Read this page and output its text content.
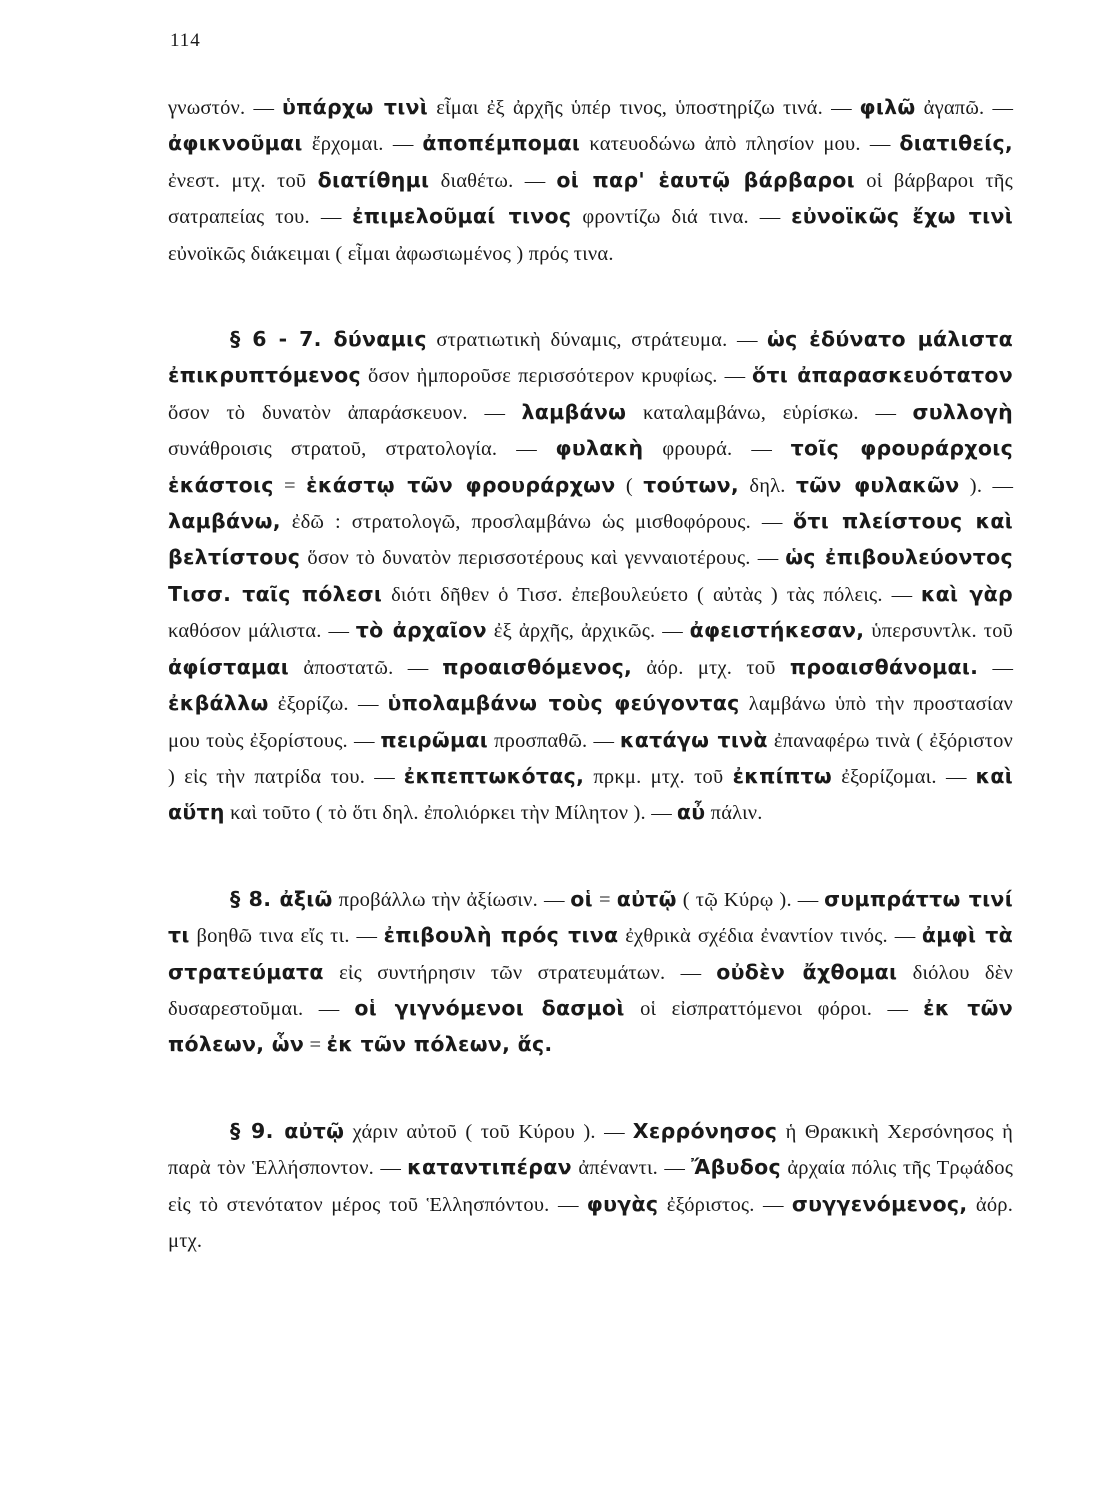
114

γνωστόν. — ὑπάρχω τινὶ εἶμαι ἐξ ἀρχῆς ὑπέρ τινος, ὑποστηρίζω τινά. — φιλῶ ἀγαπῶ. — ἀφικνοῦμαι ἔρχομαι. — ἀποπέμπομαι κατευοδώνω ἀπὸ πλησίον μου. — διατιθείς, ἐνεστ. μτχ. τοῦ διατίθημι διαθέτω. — οἱ παρ' ἑαυτῷ βάρβαροι οἱ βάρβαροι τῆς σατραπείας του. — ἐπιμελοῦμαί τινος φροντίζω διά τινα. — εὐνοϊκῶς ἔχω τινὶ εὐνοϊκῶς διάκειμαι ( εἶμαι ἀφωσιωμένος ) πρός τινα.

§ 6 - 7. δύναμις στρατιωτικὴ δύναμις, στράτευμα. — ὡς ἐδύνατο μάλιστα ἐπικρυπτόμενος ὅσον ἠμποροῦσε περισσότερον κρυφίως. — ὅτι ἀπαρασκευότατον ὅσον τὸ δυνατὸν ἀπαράσκευον. — λαμβάνω καταλαμβάνω, εὑρίσκω. — συλλογὴ συνάθροισις στρατοῦ, στρατολογία. — φυλακὴ φρουρά. — τοῖς φρουράρχοις ἑκάστοις = ἑκάστῳ τῶν φρουράρχων ( τούτων, δηλ. τῶν φυλακῶν ). — λαμβάνω, ἐδῶ : στρατολογῶ, προσλαμβάνω ὡς μισθοφόρους. — ὅτι πλείστους καὶ βελτίστους ὅσον τὸ δυνατὸν περισσοτέρους καὶ γενναιοτέρους. — ὡς ἐπιβουλεύοντος Τισσ. ταῖς πόλεσι διότι δῆθεν ὁ Τισσ. ἐπεβουλεύετο ( αὐτὰς ) τὰς πόλεις. — καὶ γὰρ καθόσον μάλιστα. — τὸ ἀρχαῖον ἐξ ἀρχῆς, ἀρχικῶς. — ἀφειστήκεσαν, ὑπερσυντλκ. τοῦ ἀφίσταμαι ἀποστατῶ. — προαισθόμενος, ἀόρ. μτχ. τοῦ προαισθάνομαι. — ἐκβάλλω ἐξορίζω. — ὑπολαμβάνω τοὺς φεύγοντας λαμβάνω ὑπὸ τὴν προστασίαν μου τοὺς ἐξορίστους. — πειρῶμαι προσπαθῶ. — κατάγω τινὰ ἐπαναφέρω τινὰ ( ἐξόριστον ) εἰς τὴν πατρίδα του. — ἐκπεπτωκότας, πρκμ. μτχ. τοῦ ἐκπίπτω ἐξορίζομαι. — καὶ αὕτη καὶ τοῦτο ( τὸ ὅτι δηλ. ἐπολιόρκει τὴν Μίλητον ). — αὖ πάλιν.

§ 8. ἀξιῶ προβάλλω τὴν ἀξίωσιν. — οἱ = αὐτῷ ( τῷ Κύρῳ ). — συμπράττω τινί τι βοηθῶ τινα εἴς τι. — ἐπιβουλὴ πρός τινα ἐχθρικὰ σχέδια ἐναντίον τινός. — ἀμφὶ τὰ στρατεύματα εἰς συντήρησιν τῶν στρατευμάτων. — οὐδὲν ἄχθομαι διόλου δὲν δυσαρεστοῦμαι. — οἱ γιγνόμενοι δασμοὶ οἱ εἰσπραττόμενοι φόροι. — ἐκ τῶν πόλεων, ὧν = ἐκ τῶν πόλεων, ἅς.

§ 9. αὐτῷ χάριν αὐτοῦ ( τοῦ Κύρου ). — Χερρόνησος ἡ Θρακικὴ Χερσόνησος ἡ παρὰ τὸν Ἑλλήσποντον. — καταντιπέραν ἀπέναντι. — Ἄβυδος ἀρχαία πόλις τῆς Τρῳάδος εἰς τὸ στενότατον μέρος τοῦ Ἑλλησπόντου. — φυγὰς ἐξόριστος. — συγγενόμενος, ἀόρ. μτχ.
